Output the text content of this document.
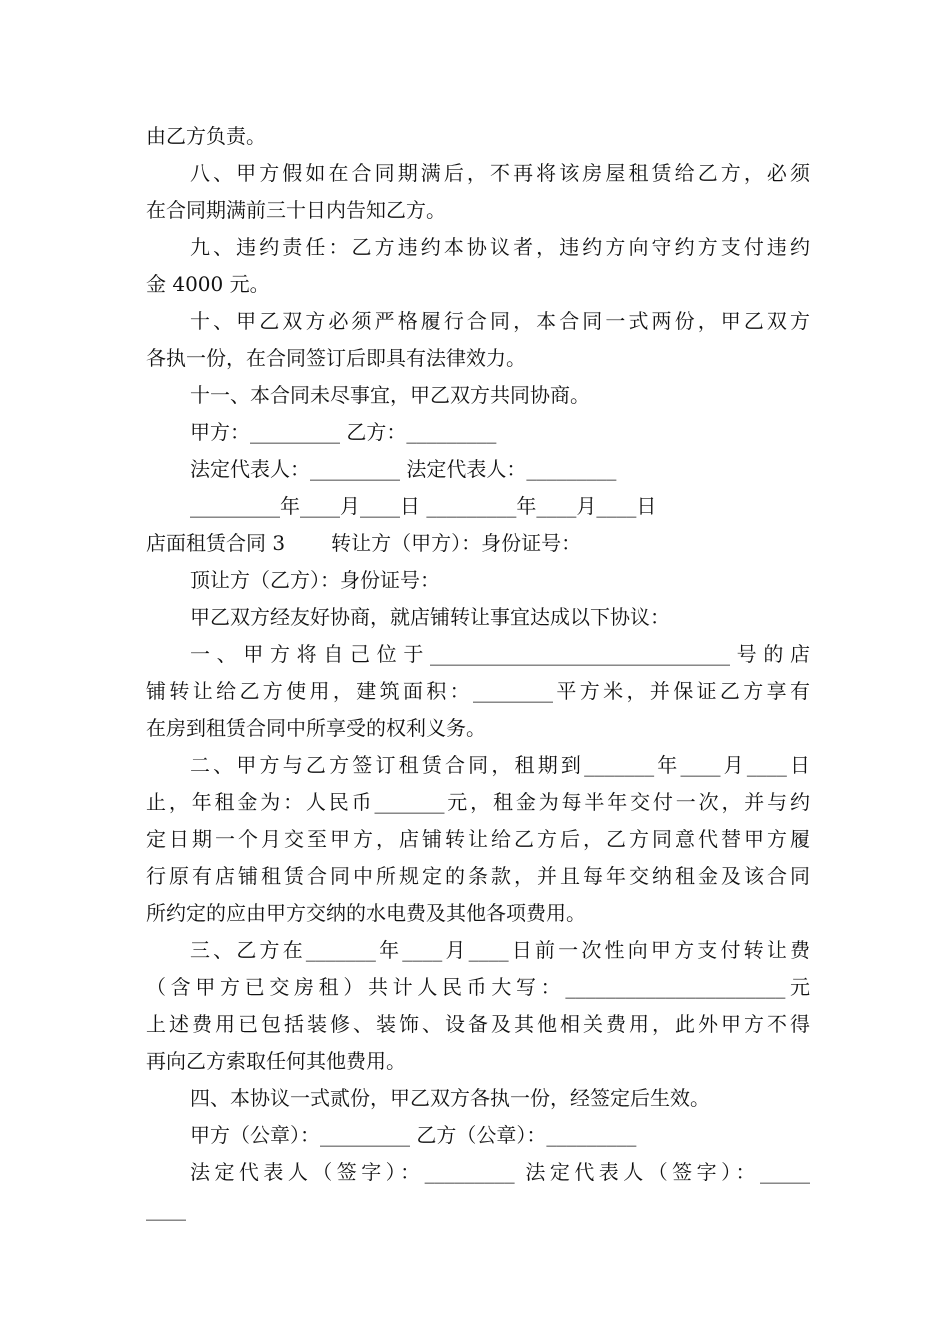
由乙方负责。
八、甲方假如在合同期满后，不再将该房屋租赁给乙方，必须
在合同期满前三十日内告知乙方。
九、违约责任：乙方违约本协议者，违约方向守约方支付违约
金 4000 元。
十、甲乙双方必须严格履行合同，本合同一式两份，甲乙双方
各执一份，在合同签订后即具有法律效力。
十一、本合同未尽事宜，甲乙双方共同协商。
甲方：_________ 乙方：_________
法定代表人：_________ 法定代表人：_________
_________年____月____日 _________年____月____日
店面租赁合同 3 转让方（甲方）：身份证号：
顶让方（乙方）：身份证号：
甲乙双方经友好协商，就店铺转让事宜达成以下协议：
一、甲方将自己位于______________________________号的店
铺转让给乙方使用，建筑面积：________平方米，并保证乙方享有
在房到租赁合同中所享受的权利义务。
二、甲方与乙方签订租赁合同，租期到_______年____月____日
止，年租金为：人民币_______元，租金为每半年交付一次，并与约
定日期一个月交至甲方，店铺转让给乙方后，乙方同意代替甲方履
行原有店铺租赁合同中所规定的条款，并且每年交纳租金及该合同
所约定的应由甲方交纳的水电费及其他各项费用。
三、乙方在_______年____月____日前一次性向甲方支付转让费
（含甲方已交房租）共计人民币大写：______________________元
上述费用已包括装修、装饰、设备及其他相关费用，此外甲方不得
再向乙方索取任何其他费用。
四、本协议一式贰份，甲乙双方各执一份，经签定后生效。
甲方（公章）：_________ 乙方（公章）：_________
法定代表人（签字）：_________ 法定代表人（签字）：_____
____
